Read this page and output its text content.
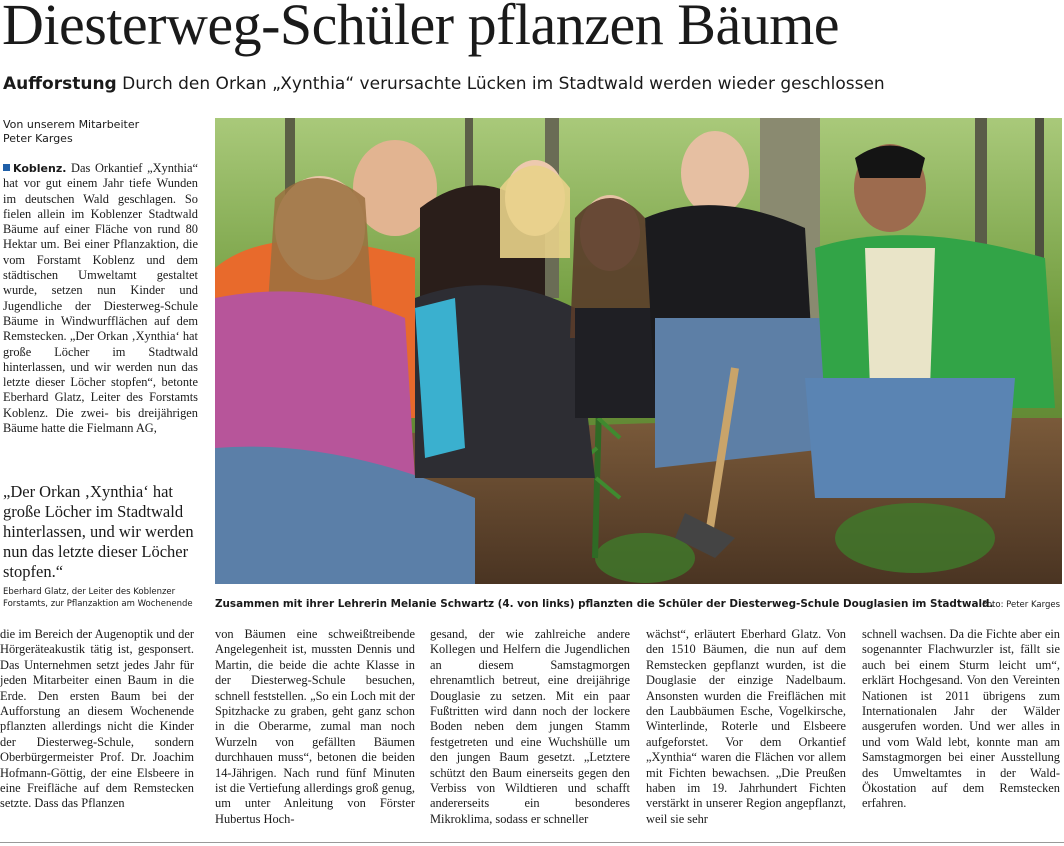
Diesterweg-Schüler pflanzen Bäume
Aufforstung Durch den Orkan „Xynthia“ verursachte Lücken im Stadtwald werden wieder geschlossen
Von unserem Mitarbeiter
Peter Karges
Koblenz. Das Orkantief „Xynthia“ hat vor gut einem Jahr tiefe Wunden im deutschen Wald geschlagen. So fielen allein im Koblenzer Stadtwald Bäume auf einer Fläche von rund 80 Hektar um. Bei einer Pflanzaktion, die vom Forstamt Koblenz und dem städtischen Umweltamt gestaltet wurde, setzen nun Kinder und Jugendliche der Diesterweg-Schule Bäume in Windwurfflächen auf dem Remstecken. „Der Orkan ‚Xynthia‘ hat große Löcher im Stadtwald hinterlassen, und wir werden nun das letzte dieser Löcher stopfen“, betonte Eberhard Glatz, Leiter des Forstamts Koblenz. Die zwei- bis dreijährigen Bäume hatte die Fielmann AG,
„Der Orkan ‚Xynthia‘ hat große Löcher im Stadtwald hinterlassen, und wir werden nun das letzte dieser Löcher stopfen.“
Eberhard Glatz, der Leiter des Koblenzer Forstamts, zur Pflanzaktion am Wochenende	Zusammen mit ihrer Lehrerin Melanie Schwartz (4. von links) pflanzten die Schüler der Diesterweg-Schule Douglasien im Stadtwald.
Foto: Peter Karges
die im Bereich der Augenoptik und der Hörgeräteakustik tätig ist, gesponsert. Das Unternehmen setzt jedes Jahr für jeden Mitarbeiter einen Baum in die Erde. Den ersten Baum bei der Aufforstung an diesem Wochenende pflanzten allerdings nicht die Kinder der Diesterweg-Schule, sondern Oberbürgermeister Prof. Dr. Joachim Hofmann-Göttig, der eine Elsbeere in eine Freifläche auf dem Remstecken setzte. Dass das Pflanzen
von Bäumen eine schweißtreibende Angelegenheit ist, mussten Dennis und Martin, die beide die achte Klasse in der Diesterweg-Schule besuchen, schnell feststellen. „So ein Loch mit der Spitzhacke zu graben, geht ganz schon in die Oberarme, zumal man noch Wurzeln von gefällten Bäumen durchhauen muss“, betonen die beiden 14-Jährigen. Nach rund fünf Minuten ist die Vertiefung allerdings groß genug, um unter Anleitung von Förster Hubertus Hoch-
gesand, der wie zahlreiche andere Kollegen und Helfern die Jugendlichen an diesem Samstagmorgen ehrenamtlich betreut, eine dreijährige Douglasie zu setzen. Mit ein paar Fußtritten wird dann noch der lockere Boden neben dem jungen Stamm festgetreten und eine Wuchshülle um den jungen Baum gesetzt. „Letztere schützt den Baum einerseits gegen den Verbiss von Wildtieren und schafft andererseits ein besonderes Mikroklima, sodass er schneller
wächst“, erläutert Eberhard Glatz. Von den 1510 Bäumen, die nun auf dem Remstecken gepflanzt wurden, ist die Douglasie der einzige Nadelbaum. Ansonsten wurden die Freiflächen mit den Laubbäumen Esche, Vogelkirsche, Winterlinde, Roterle und Elsbeere aufgeforstet. Vor dem Orkantief „Xynthia“ waren die Flächen vor allem mit Fichten bewachsen. „Die Preußen haben im 19. Jahrhundert Fichten verstärkt in unserer Region angepflanzt, weil sie sehr
schnell wachsen. Da die Fichte aber ein sogenannter Flachwurzler ist, fällt sie auch bei einem Sturm leicht um“, erklärt Hochgesand. Von den Vereinten Nationen ist 2011 übrigens zum Internationalen Jahr der Wälder ausgerufen worden. Und wer alles in und vom Wald lebt, konnte man am Samstagmorgen bei einer Ausstellung des Umweltamtes in der Wald-Ökostation auf dem Remstecken erfahren.
